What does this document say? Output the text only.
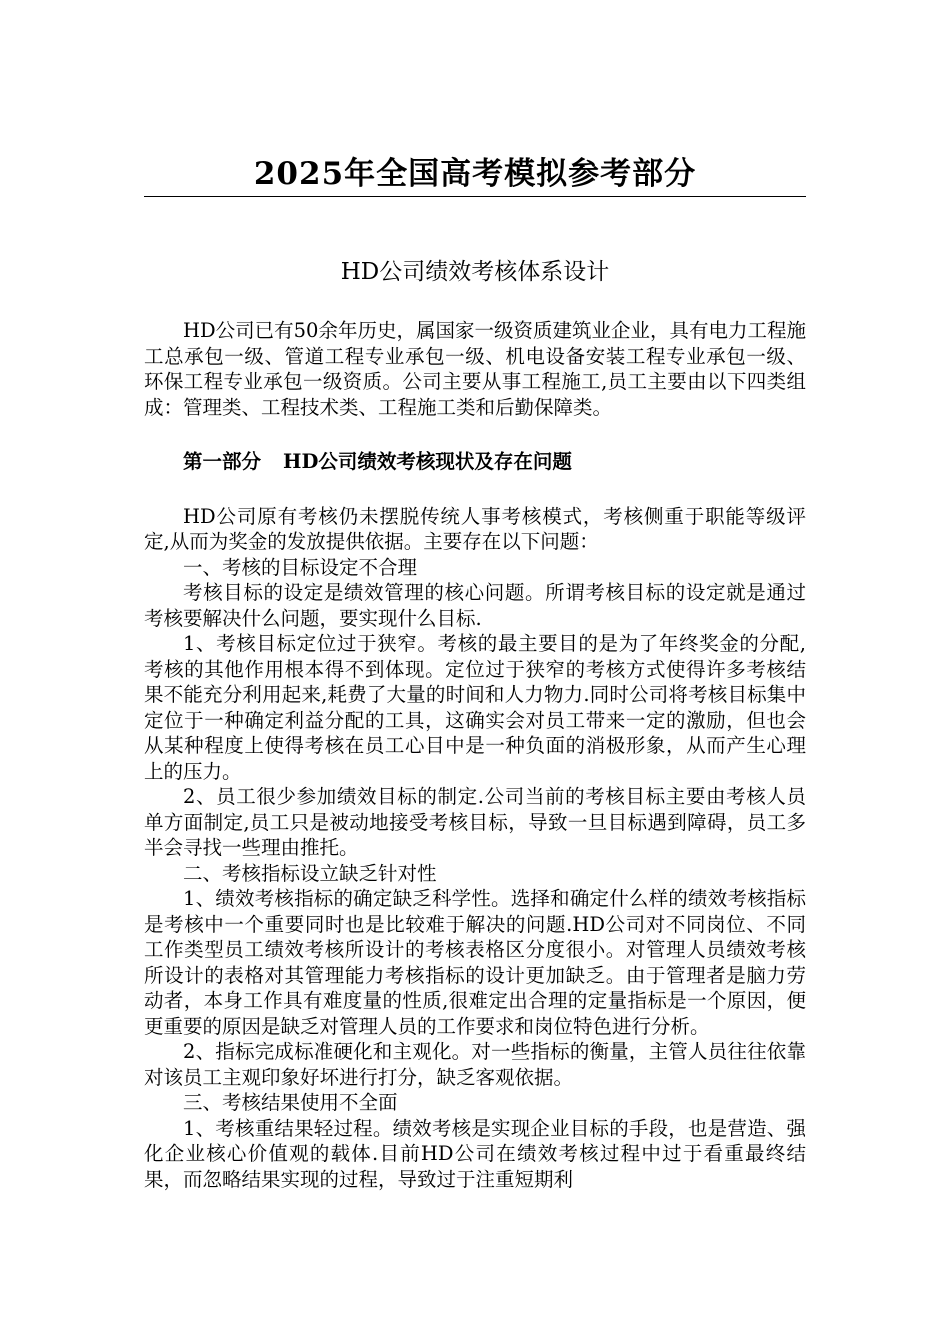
2025年全国高考模拟参考部分
HD公司绩效考核体系设计

HD公司已有50余年历史，属国家一级资质建筑业企业，具有电力工程施工总承包一级、管道工程专业承包一级、机电设备安装工程专业承包一级、环保工程专业承包一级资质。公司主要从事工程施工,员工主要由以下四类组成：管理类、工程技术类、工程施工类和后勤保障类。

第一部分 HD公司绩效考核现状及存在问题

HD公司原有考核仍未摆脱传统人事考核模式，考核侧重于职能等级评定,从而为奖金的发放提供依据。主要存在以下问题：

一、考核的目标设定不合理

考核目标的设定是绩效管理的核心问题。所谓考核目标的设定就是通过考核要解决什么问题，要实现什么目标.

1、考核目标定位过于狭窄。考核的最主要目的是为了年终奖金的分配,考核的其他作用根本得不到体现。定位过于狭窄的考核方式使得许多考核结果不能充分利用起来,耗费了大量的时间和人力物力.同时公司将考核目标集中定位于一种确定利益分配的工具，这确实会对员工带来一定的激励，但也会从某种程度上使得考核在员工心目中是一种负面的消极形象，从而产生心理上的压力。

2、员工很少参加绩效目标的制定.公司当前的考核目标主要由考核人员单方面制定,员工只是被动地接受考核目标，导致一旦目标遇到障碍，员工多半会寻找一些理由推托。

二、考核指标设立缺乏针对性

1、绩效考核指标的确定缺乏科学性。选择和确定什么样的绩效考核指标是考核中一个重要同时也是比较难于解决的问题.HD公司对不同岗位、不同工作类型员工绩效考核所设计的考核表格区分度很小。对管理人员绩效考核所设计的表格对其管理能力考核指标的设计更加缺乏。由于管理者是脑力劳动者，本身工作具有难度量的性质,很难定出合理的定量指标是一个原因，便更重要的原因是缺乏对管理人员的工作要求和岗位特色进行分析。

2、指标完成标准硬化和主观化。对一些指标的衡量，主管人员往往依靠对该员工主观印象好坏进行打分，缺乏客观依据。

三、考核结果使用不全面

1、考核重结果轻过程。绩效考核是实现企业目标的手段，也是营造、强化企业核心价值观的载体.目前HD公司在绩效考核过程中过于看重最终结果，而忽略结果实现的过程，导致过于注重短期利
